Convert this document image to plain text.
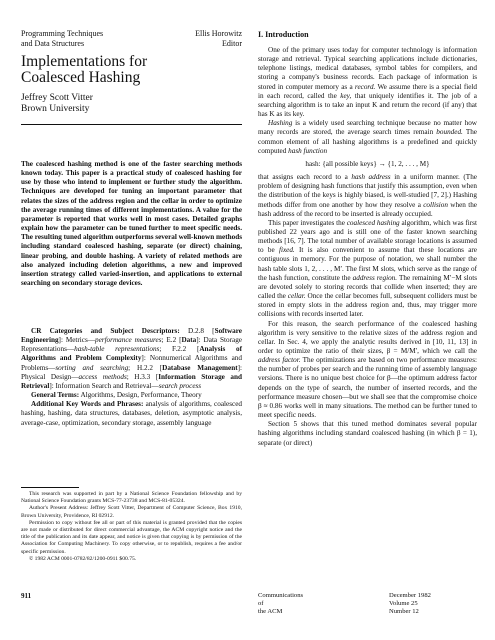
Programming Techniques
and Data Structures
Ellis Horowitz
Editor
Implementations for
Coalesced Hashing
Jeffrey Scott Vitter
Brown University
The coalesced hashing method is one of the faster searching methods known today. This paper is a practical study of coalesced hashing for use by those who intend to implement or further study the algorithm. Techniques are developed for tuning an important parameter that relates the sizes of the address region and the cellar in order to optimize the average running times of different implementations. A value for the parameter is reported that works well in most cases. Detailed graphs explain how the parameter can be tuned further to meet specific needs. The resulting tuned algorithm outperforms several well-known methods including standard coalesced hashing, separate (or direct) chaining, linear probing, and double hashing. A variety of related methods are also analyzed including deletion algorithms, a new and improved insertion strategy called varied-insertion, and applications to external searching on secondary storage devices.

CR Categories and Subject Descriptors: D.2.8 [Software Engineering]: Metrics—performance measures; E.2 [Data]: Data Storage Representations—hash-table representations; F.2.2 [Analysis of Algorithms and Problem Complexity]: Nonnumerical Algorithms and Problems—sorting and searching; H.2.2 [Database Management]: Physical Design—access methods; H.3.3 [Information Storage and Retrieval]: Information Search and Retrieval—search process

General Terms: Algorithms, Design, Performance, Theory

Additional Key Words and Phrases: analysis of algorithms, coalesced hashing, hashing, data structures, databases, deletion, asymptotic analysis, average-case, optimization, secondary storage, assembly language

This research was supported in part by a National Science Foundation fellowship and by National Science Foundation grants MCS-77-23738 and MCS-81-05324.

Author's Present Address: Jeffrey Scott Vitter, Department of Computer Science, Box 1910, Brown University, Providence, RI 02912.

Permission to copy without fee all or part of this material is granted provided that the copies are not made or distributed for direct commercial advantage, the ACM copyright notice and the title of the publication and its date appear, and notice is given that copying is by permission of the Association for Computing Machinery. To copy otherwise, or to republish, requires a fee and/or specific permission.

© 1982 ACM 0001-0782/82/1200-0911 $00.75.

911
I. Introduction

One of the primary uses today for computer technology is information storage and retrieval. Typical searching applications include dictionaries, telephone listings, medical databases, symbol tables for compilers, and storing a company's business records. Each package of information is stored in computer memory as a record. We assume there is a special field in each record, called the key, that uniquely identifies it. The job of a searching algorithm is to take an input K and return the record (if any) that has K as its key.

Hashing is a widely used searching technique because no matter how many records are stored, the average search times remain bounded. The common element of all hashing algorithms is a predefined and quickly computed hash function

hash: {all possible keys} → {1, 2, . . . , M}

that assigns each record to a hash address in a uniform manner. (The problem of designing hash functions that justify this assumption, even when the distribution of the keys is highly biased, is well-studied [7, 2].) Hashing methods differ from one another by how they resolve a collision when the hash address of the record to be inserted is already occupied.

This paper investigates the coalesced hashing algorithm, which was first published 22 years ago and is still one of the faster known searching methods [16, 7]. The total number of available storage locations is assumed to be fixed. It is also convenient to assume that these locations are contiguous in memory. For the purpose of notation, we shall number the hash table slots 1, 2, . . . , M′. The first M slots, which serve as the range of the hash function, constitute the address region. The remaining M′−M slots are devoted solely to storing records that collide when inserted; they are called the cellar. Once the cellar becomes full, subsequent colliders must be stored in empty slots in the address region and, thus, may trigger more collisions with records inserted later.

For this reason, the search performance of the coalesced hashing algorithm is very sensitive to the relative sizes of the address region and cellar. In Sec. 4, we apply the analytic results derived in [10, 11, 13] in order to optimize the ratio of their sizes, β = M/M′, which we call the address factor. The optimizations are based on two performance measures: the number of probes per search and the running time of assembly language versions. There is no unique best choice for β—the optimum address factor depends on the type of search, the number of inserted records, and the performance measure chosen—but we shall see that the compromise choice β ≈ 0.86 works well in many situations. The method can be further tuned to meet specific needs.

Section 5 shows that this tuned method dominates several popular hashing algorithms including standard coalesced hashing (in which β = 1), separate (or direct)

Communications
of
the ACM
December 1982
Volume 25
Number 12
